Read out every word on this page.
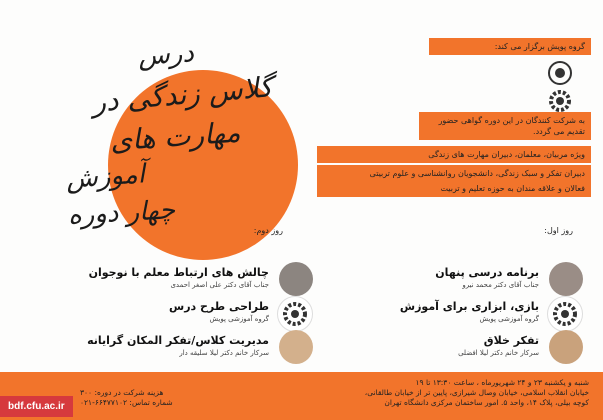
درس
گلاس زندگی در
مهارت های
آموزش
چهار دوره
گروه پویش برگزار می کند:
به شرکت کنندگان در این دوره گواهی حضور تقدیم می گردد.
ویژه مربیان، معلمان، دبیران مهارت های زندگی
دبیران تفکر و سبک زندگی، دانشجویان روانشناسی و علوم تربیتی
فعالان و علاقه مندان به حوزه تعلیم و تربیت
روز اول:
روز دوم:
برنامه درسی پنهان
جناب آقای دکتر محمد نیرو
بازی، ابزاری برای آموزش
گروه آموزشی پویش
تفکر خلاق
سرکار خانم دکتر لیلا افضلی
چالش های ارتباط معلم با نوجوان
جناب آقای دکتر علی اصغر احمدی
طراحی طرح درس
گروه آموزشی پویش
مدیریت کلاس/تفکر المکان گرایانه
سرکار خانم دکتر لیلا سلیقه دار
شنبه و یکشنبه ۲۳ و ۲۴ شهریورماه ، ساعت ۱۳:۳۰ تا ۱۹
خیابان انقلاب اسلامی، خیابان وصال شیرازی، پایین تر از خیابان طالقانی،
کوچه بیلی، پلاک ۱۴، واحد ۵. امور ساختمان مرکزی دانشگاه تهران
هزینه شرکت در دوره: ۳۰۰
شماره تماس: ۶۶۴۷۷۱۰۲-۰۲۱
bdf.cfu.ac.ir
